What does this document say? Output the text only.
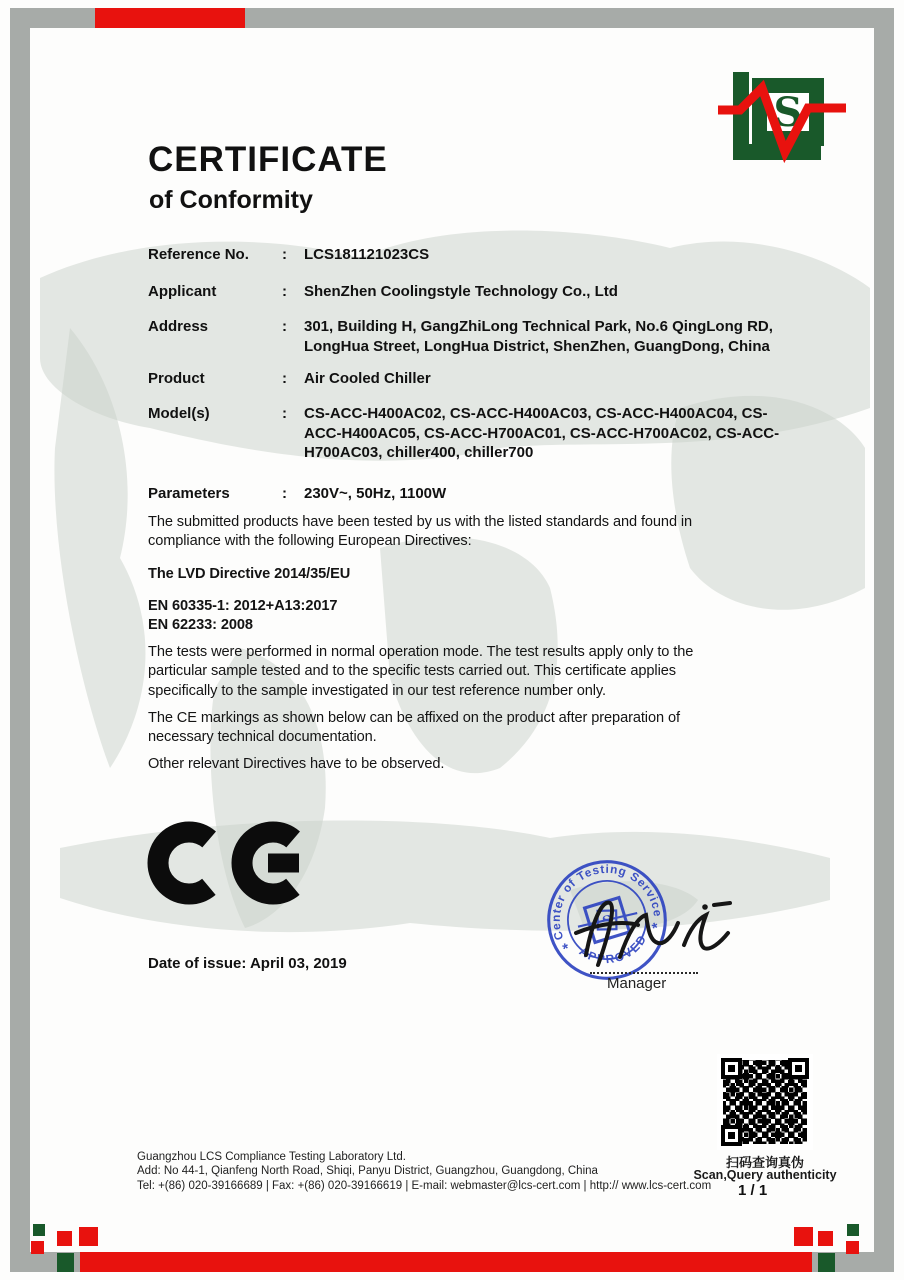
S
CERTIFICATE
of Conformity
Reference No.	:	LCS181121023CS
Applicant	:	ShenZhen Coolingstyle Technology Co., Ltd
Address	:	301, Building H, GangZhiLong Technical Park, No.6 QingLong RD, LongHua Street, LongHua District, ShenZhen, GuangDong, China
Product	:	Air Cooled Chiller
Model(s)	:	CS-ACC-H400AC02, CS-ACC-H400AC03, CS-ACC-H400AC04, CS-ACC-H400AC05, CS-ACC-H700AC01, CS-ACC-H700AC02, CS-ACC-H700AC03, chiller400, chiller700
Parameters	:	230V~, 50Hz, 1100W
The submitted products have been tested by us with the listed standards and found in compliance with the following European Directives:
The LVD Directive 2014/35/EU
EN 60335-1: 2012+A13:2017
EN 62233: 2008
The tests were performed in normal operation mode. The test results apply only to the particular sample tested and to the specific tests carried out. This certificate applies specifically to the sample investigated in our test reference number only.
The CE markings as shown below can be affixed on the product after preparation of necessary technical documentation.
Other relevant Directives have to be observed.
Date of issue: April 03, 2019
Center of Testing Service
APPROVED
*
*
S
Manager
Guangzhou LCS Compliance Testing Laboratory Ltd.
Add: No 44-1, Qianfeng North Road, Shiqi, Panyu District, Guangzhou, Guangdong, China
Tel: +(86) 020-39166689 | Fax: +(86) 020-39166619 | E-mail: webmaster@lcs-cert.com | http:// www.lcs-cert.com
扫码查询真伪
Scan,Query authenticity
1 / 1
